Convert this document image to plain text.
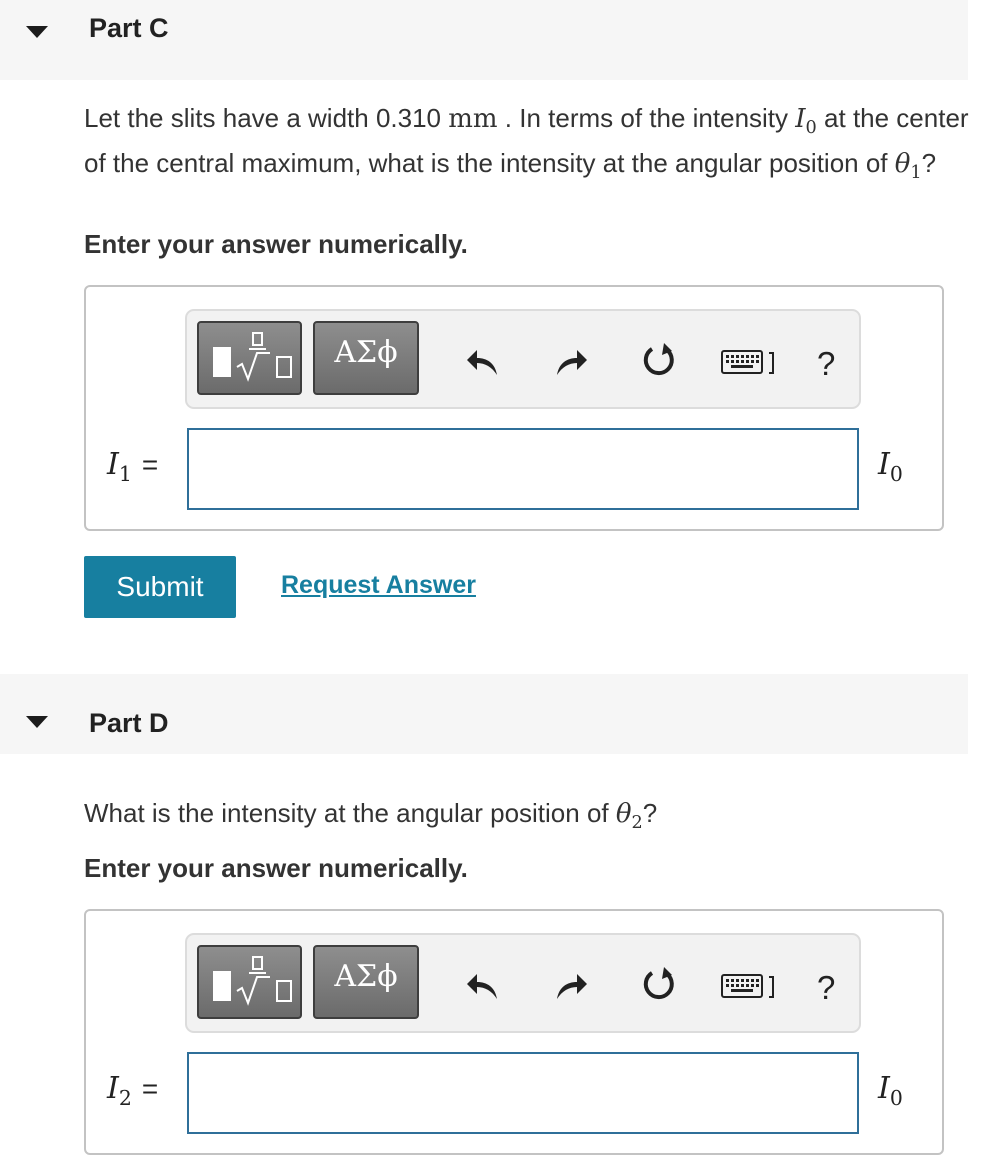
Part C
Let the slits have a width 0.310 mm . In terms of the intensity $I_0$ at the center of the central maximum, what is the intensity at the angular position of $\theta_1$?
Enter your answer numerically.
ΑΣϕ	?
$I_1$ =	$I_0$
Submit	Request Answer
Part D
What is the intensity at the angular position of $\theta_2$?
Enter your answer numerically.
ΑΣϕ	?
$I_2$ =	$I_0$
